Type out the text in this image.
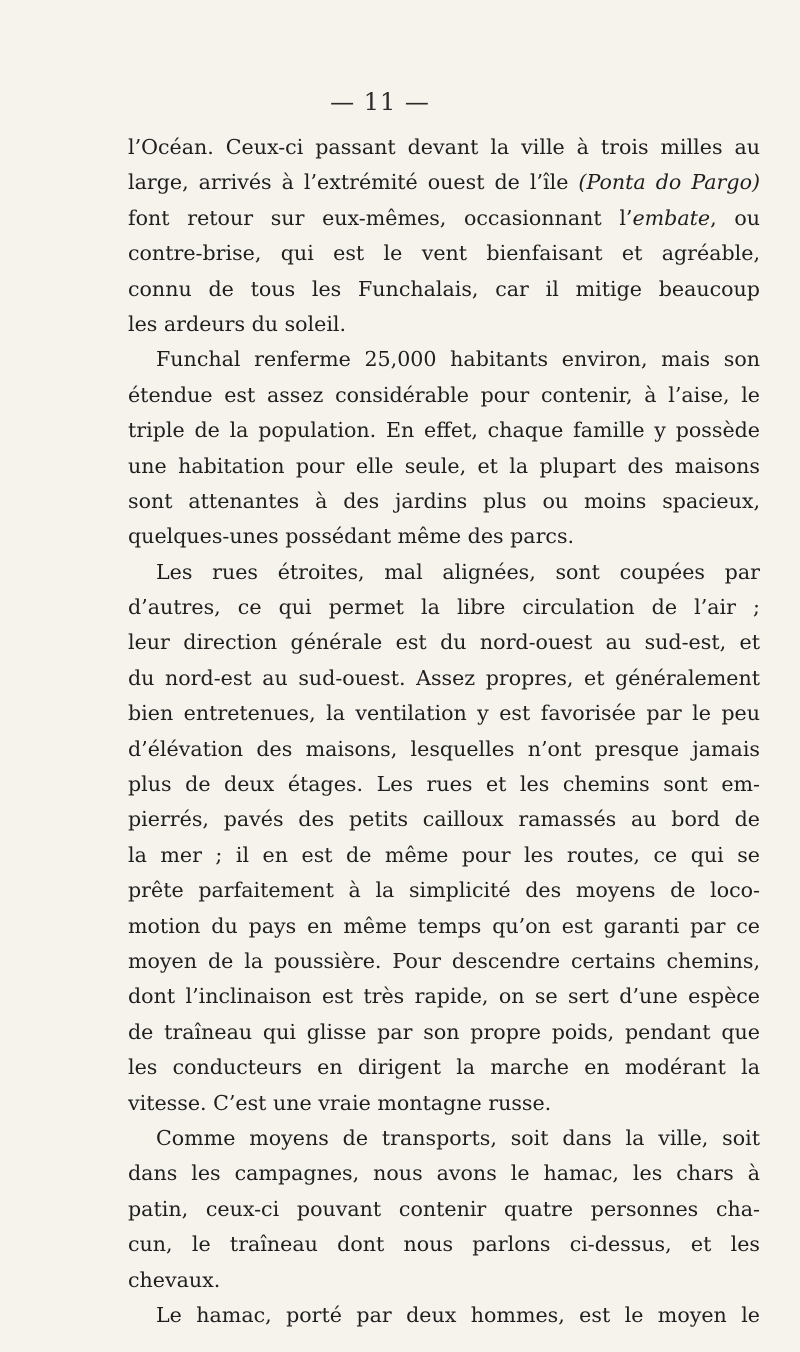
— 11 —
l’Océan. Ceux-ci passant devant la ville à trois milles au
large, arrivés à l’extrémité ouest de l’île (Ponta do Pargo)
font retour sur eux-mêmes, occasionnant l’embate, ou
contre-brise, qui est le vent bienfaisant et agréable,
connu de tous les Funchalais, car il mitige beaucoup
les ardeurs du soleil.
Funchal renferme 25,000 habitants environ, mais son
étendue est assez considérable pour contenir, à l’aise, le
triple de la population. En effet, chaque famille y possède
une habitation pour elle seule, et la plupart des maisons
sont attenantes à des jardins plus ou moins spacieux,
quelques-unes possédant même des parcs.
Les rues étroites, mal alignées, sont coupées par
d’autres, ce qui permet la libre circulation de l’air ;
leur direction générale est du nord-ouest au sud-est, et
du nord-est au sud-ouest. Assez propres, et généralement
bien entretenues, la ventilation y est favorisée par le peu
d’élévation des maisons, lesquelles n’ont presque jamais
plus de deux étages. Les rues et les chemins sont em-
pierrés, pavés des petits cailloux ramassés au bord de
la mer ; il en est de même pour les routes, ce qui se
prête parfaitement à la simplicité des moyens de loco-
motion du pays en même temps qu’on est garanti par ce
moyen de la poussière. Pour descendre certains chemins,
dont l’inclinaison est très rapide, on se sert d’une espèce
de traîneau qui glisse par son propre poids, pendant que
les conducteurs en dirigent la marche en modérant la
vitesse. C’est une vraie montagne russe.
Comme moyens de transports, soit dans la ville, soit
dans les campagnes, nous avons le hamac, les chars à
patin, ceux-ci pouvant contenir quatre personnes cha-
cun, le traîneau dont nous parlons ci-dessus, et les
chevaux.
Le hamac, porté par deux hommes, est le moyen le
